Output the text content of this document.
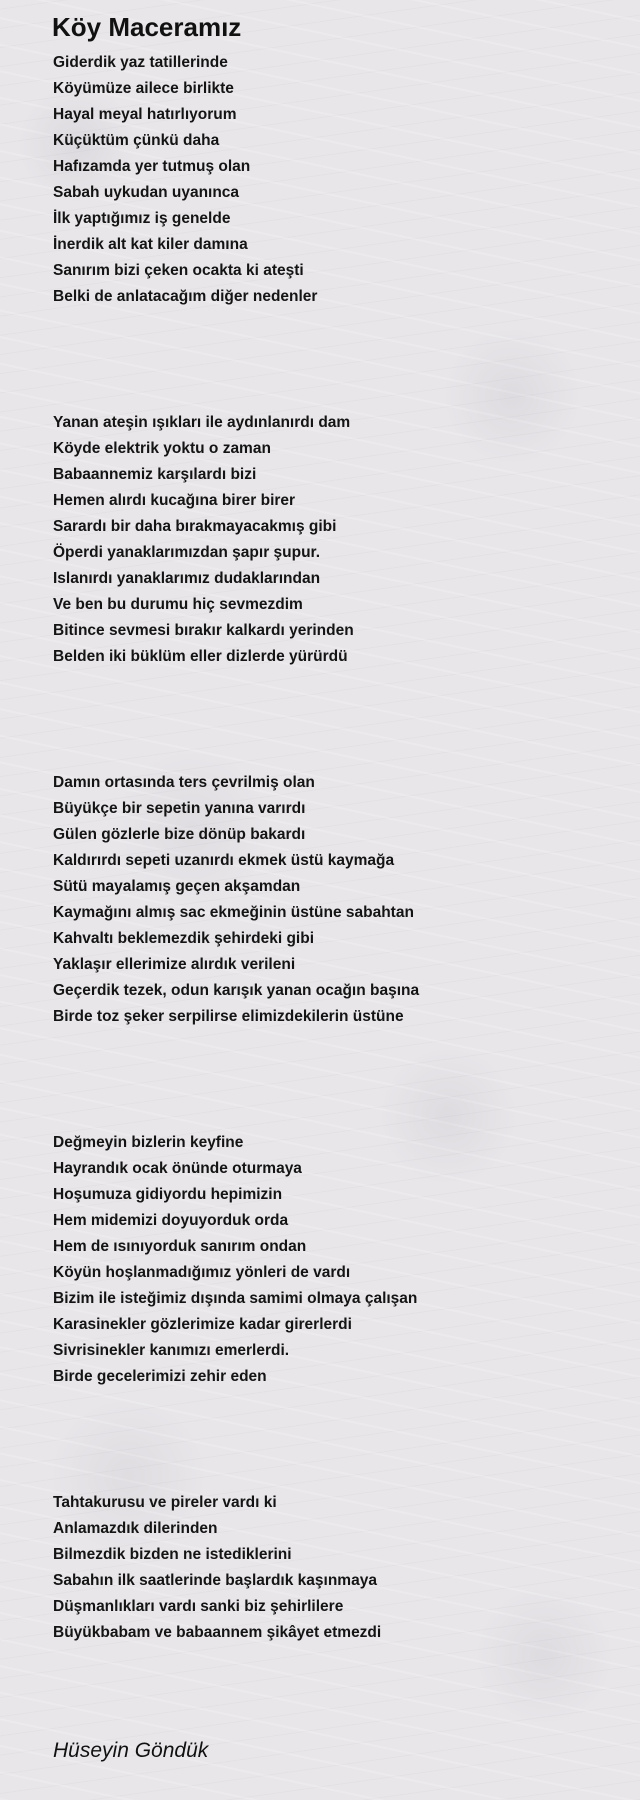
Köy Maceramız
Giderdik yaz tatillerinde
Köyümüze ailece birlikte
Hayal meyal hatırlıyorum
Küçüktüm çünkü daha
Hafızamda yer tutmuş olan
Sabah uykudan uyanınca
İlk yaptığımız iş genelde
İnerdik alt kat kiler damına
Sanırım bizi çeken ocakta ki ateşti
Belki de anlatacağım diğer nedenler
Yanan ateşin ışıkları ile aydınlanırdı dam
Köyde elektrik yoktu o zaman
Babaannemiz karşılardı bizi
Hemen alırdı kucağına birer birer
Sarardı bir daha bırakmayacakmış gibi
Öperdi yanaklarımızdan şapır şupur.
Islanırdı yanaklarımız dudaklarından
Ve ben bu durumu hiç sevmezdim
Bitince sevmesi bırakır kalkardı yerinden
Belden iki büklüm eller dizlerde yürürdü
Damın ortasında ters çevrilmiş olan
Büyükçe bir sepetin yanına varırdı
Gülen gözlerle bize dönüp bakardı
Kaldırırdı sepeti uzanırdı ekmek üstü kaymağa
Sütü mayalamış geçen akşamdan
Kaymağını almış sac ekmeğinin üstüne sabahtan
Kahvaltı beklemezdik şehirdeki gibi
Yaklaşır ellerimize alırdık verileni
Geçerdik tezek, odun karışık yanan ocağın başına
Birde toz şeker serpilirse elimizdekilerin üstüne
Değmeyin bizlerin keyfine
Hayrandık ocak önünde oturmaya
Hoşumuza gidiyordu hepimizin
Hem midemizi doyuyorduk orda
Hem de ısınıyorduk sanırım ondan
Köyün hoşlanmadığımız yönleri de vardı
Bizim ile isteğimiz dışında samimi olmaya çalışan
Karasinekler gözlerimize kadar girerlerdi
Sivrisinekler kanımızı emerlerdi.
Birde gecelerimizi zehir eden
Tahtakurusu ve pireler vardı ki
Anlamazdık dilerinden
Bilmezdik bizden ne istediklerini
Sabahın ilk saatlerinde başlardık kaşınmaya
Düşmanlıkları vardı sanki biz şehirlilere
Büyükbabam ve babaannem şikâyet etmezdi

Hüseyin Göndük
